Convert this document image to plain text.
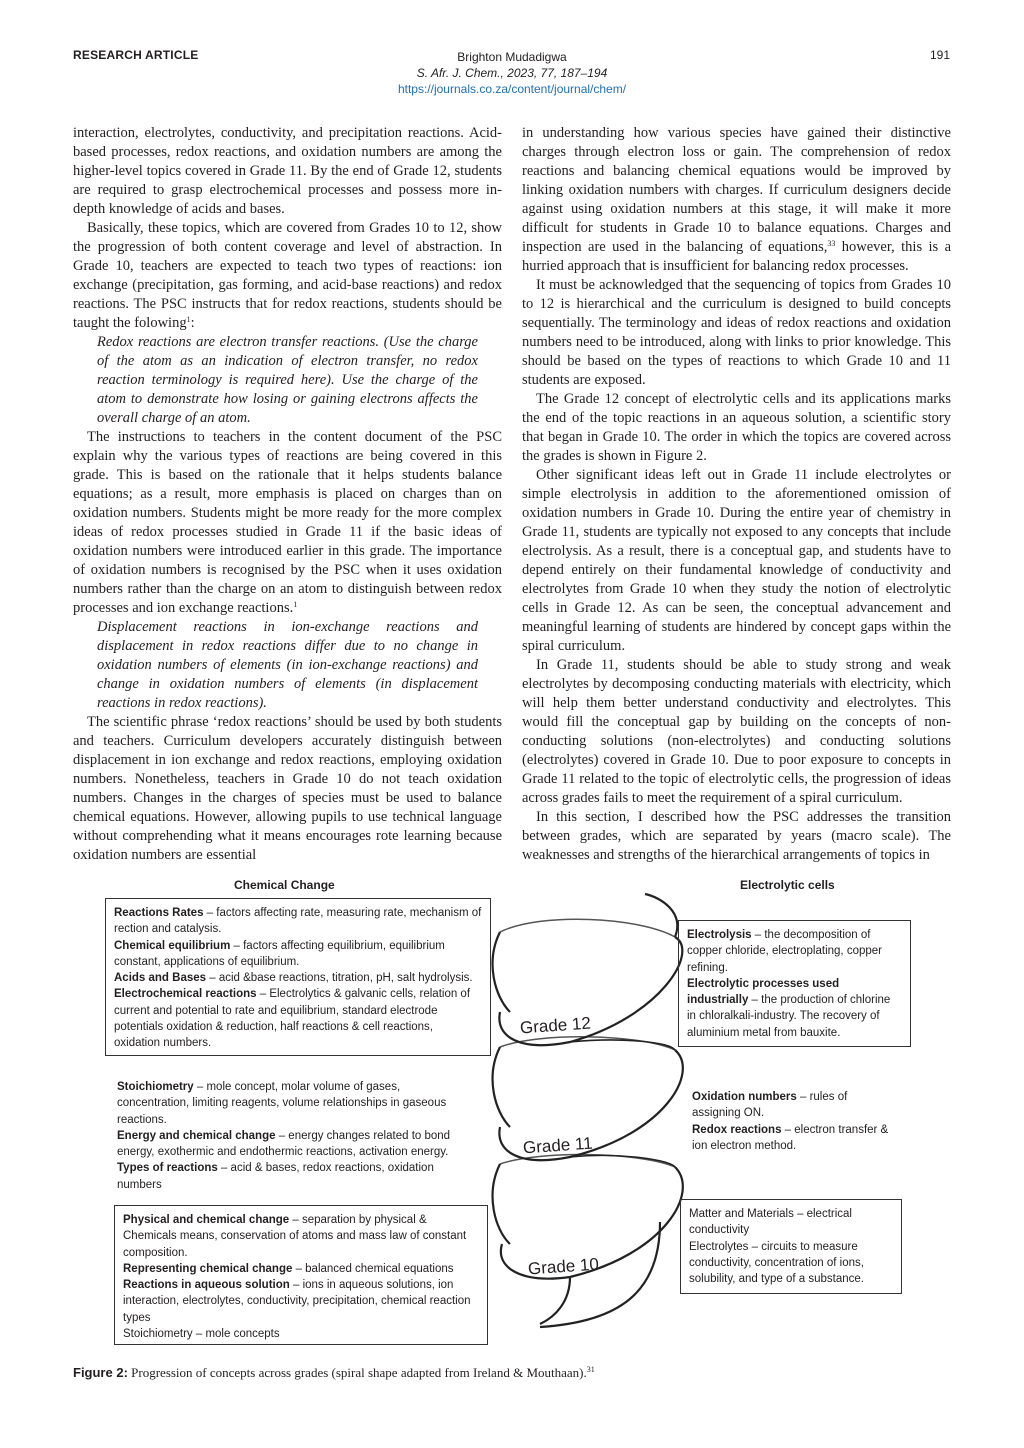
RESEARCH ARTICLE	Brighton Mudadigwa
S. Afr. J. Chem., 2023, 77, 187–194
https://journals.co.za/content/journal/chem/
191

interaction, electrolytes, conductivity, and precipitation reactions. Acid-based processes, redox reactions, and oxidation numbers are among the higher-level topics covered in Grade 11. By the end of Grade 12, students are required to grasp electrochemical processes and possess more in-depth knowledge of acids and bases.

Basically, these topics, which are covered from Grades 10 to 12, show the progression of both content coverage and level of abstraction. In Grade 10, teachers are expected to teach two types of reactions: ion exchange (precipitation, gas forming, and acid-base reactions) and redox reactions. The PSC instructs that for redox reactions, students should be taught the folowing$^1$:

Redox reactions are electron transfer reactions. (Use the charge of the atom as an indication of electron transfer, no redox reaction terminology is required here). Use the charge of the atom to demonstrate how losing or gaining electrons affects the overall charge of an atom.

The instructions to teachers in the content document of the PSC explain why the various types of reactions are being covered in this grade. This is based on the rationale that it helps students balance equations; as a result, more emphasis is placed on charges than on oxidation numbers. Students might be more ready for the more complex ideas of redox processes studied in Grade 11 if the basic ideas of oxidation numbers were introduced earlier in this grade. The importance of oxidation numbers is recognised by the PSC when it uses oxidation numbers rather than the charge on an atom to distinguish between redox processes and ion exchange reactions.$^1$

Displacement reactions in ion-exchange reactions and displacement in redox reactions differ due to no change in oxidation numbers of elements (in ion-exchange reactions) and change in oxidation numbers of elements (in displacement reactions in redox reactions).

The scientific phrase ‘redox reactions’ should be used by both students and teachers. Curriculum developers accurately distinguish between displacement in ion exchange and redox reactions, employing oxidation numbers. Nonetheless, teachers in Grade 10 do not teach oxidation numbers. Changes in the charges of species must be used to balance chemical equations. However, allowing pupils to use technical language without comprehending what it means encourages rote learning because oxidation numbers are essential

in understanding how various species have gained their distinctive charges through electron loss or gain. The comprehension of redox reactions and balancing chemical equations would be improved by linking oxidation numbers with charges. If curriculum designers decide against using oxidation numbers at this stage, it will make it more difficult for students in Grade 10 to balance equations. Charges and inspection are used in the balancing of equations,$^{33}$ however, this is a hurried approach that is insufficient for balancing redox processes.

It must be acknowledged that the sequencing of topics from Grades 10 to 12 is hierarchical and the curriculum is designed to build concepts sequentially. The terminology and ideas of redox reactions and oxidation numbers need to be introduced, along with links to prior knowledge. This should be based on the types of reactions to which Grade 10 and 11 students are exposed.

The Grade 12 concept of electrolytic cells and its applications marks the end of the topic reactions in an aqueous solution, a scientific story that began in Grade 10. The order in which the topics are covered across the grades is shown in Figure 2.

Other significant ideas left out in Grade 11 include electrolytes or simple electrolysis in addition to the aforementioned omission of oxidation numbers in Grade 10. During the entire year of chemistry in Grade 11, students are typically not exposed to any concepts that include electrolysis. As a result, there is a conceptual gap, and students have to depend entirely on their fundamental knowledge of conductivity and electrolytes from Grade 10 when they study the notion of electrolytic cells in Grade 12. As can be seen, the conceptual advancement and meaningful learning of students are hindered by concept gaps within the spiral curriculum.

In Grade 11, students should be able to study strong and weak electrolytes by decomposing conducting materials with electricity, which will help them better understand conductivity and electrolytes. This would fill the conceptual gap by building on the concepts of non-conducting solutions (non-electrolytes) and conducting solutions (electrolytes) covered in Grade 10. Due to poor exposure to concepts in Grade 11 related to the topic of electrolytic cells, the progression of ideas across grades fails to meet the requirement of a spiral curriculum.

In this section, I described how the PSC addresses the transition between grades, which are separated by years (macro scale). The weaknesses and strengths of the hierarchical arrangements of topics in

Chemical Change	Electrolytic cells
Grade 12
Grade 11
Grade 10
Reactions Rates – factors affecting rate, measuring rate, mechanism of rection and catalysis.
Chemical equilibrium – factors affecting equilibrium, equilibrium constant, applications of equilibrium.
Acids and Bases – acid &base reactions, titration, pH, salt hydrolysis.
Electrochemical reactions – Electrolytics & galvanic cells, relation of current and potential to rate and equilibrium, standard electrode potentials oxidation & reduction, half reactions & cell reactions, oxidation numbers.
Stoichiometry – mole concept, molar volume of gases, concentration, limiting reagents, volume relationships in gaseous reactions.
Energy and chemical change – energy changes related to bond energy, exothermic and endothermic reactions, activation energy.
Types of reactions – acid & bases, redox reactions, oxidation numbers
Physical and chemical change – separation by physical & Chemicals means, conservation of atoms and mass law of constant composition.
Representing chemical change – balanced chemical equations
Reactions in aqueous solution – ions in aqueous solutions, ion interaction, electrolytes, conductivity, precipitation, chemical reaction types
Stoichiometry – mole concepts
Electrolysis – the decomposition of copper chloride, electroplating, copper refining.
Electrolytic processes used industrially – the production of chlorine in chloralkali-industry. The recovery of aluminium metal from bauxite.
Oxidation numbers – rules of assigning ON.
Redox reactions – electron transfer & ion electron method.
Matter and Materials – electrical conductivity
Electrolytes – circuits to measure conductivity, concentration of ions, solubility, and type of a substance.
Figure 2: Progression of concepts across grades (spiral shape adapted from Ireland & Mouthaan).$^{31}$
